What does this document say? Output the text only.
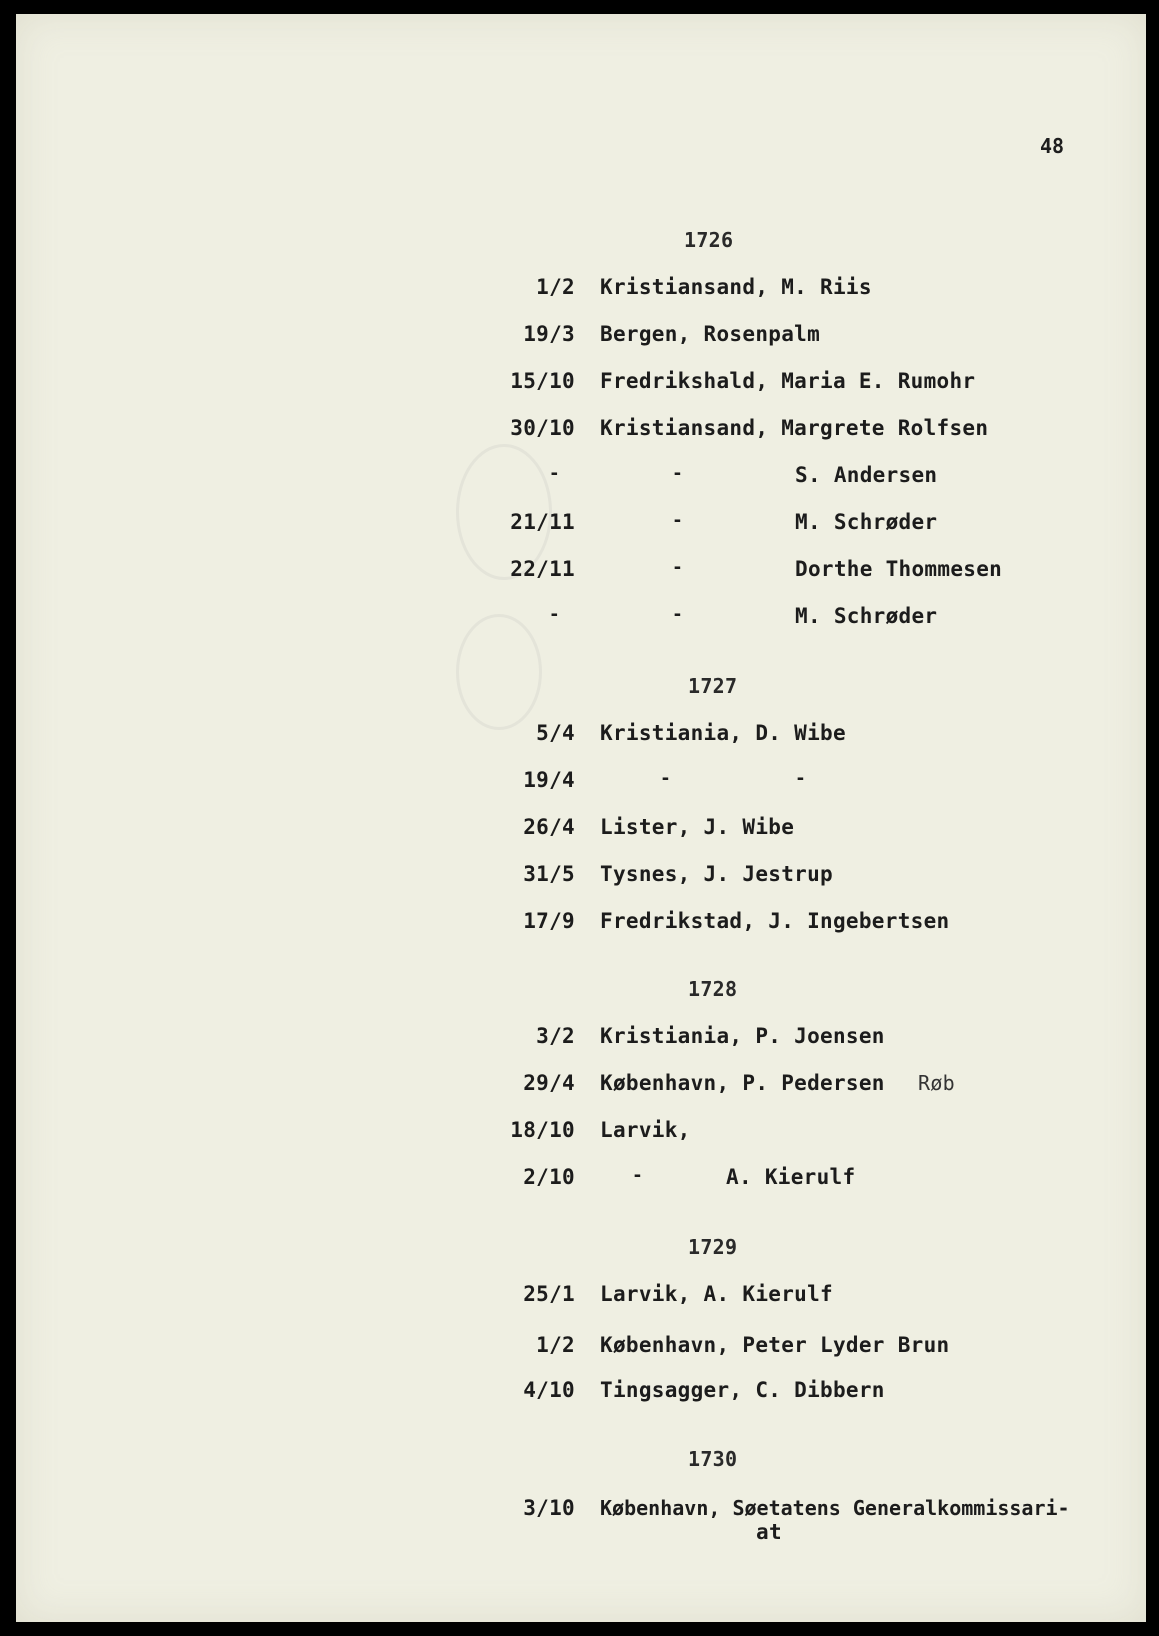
48
1726
1/2 Kristiansand, M. Riis
19/3 Bergen, Rosenpalm
15/10 Fredrikshald, Maria E. Rumohr
30/10 Kristiansand, Margrete Rolfsen
-	-	S. Andersen
21/11	-	M. Schrøder
22/11	-	Dorthe Thommesen
-	-	M. Schrøder
1727
5/4 Kristiania, D. Wibe
19/4	-	-
26/4 Lister, J. Wibe
31/5 Tysnes, J. Jestrup
17/9 Fredrikstad, J. Ingebertsen
1728
3/2 Kristiania, P. Joensen
29/4 København, P. Pedersen Røb
18/10 Larvik,
2/10	-	A. Kierulf
1729
25/1 Larvik, A. Kierulf
1/2 København, Peter Lyder Brun
4/10 Tingsagger, C. Dibbern
1730
3/10 København, Søetatens Generalkommissari-
at
